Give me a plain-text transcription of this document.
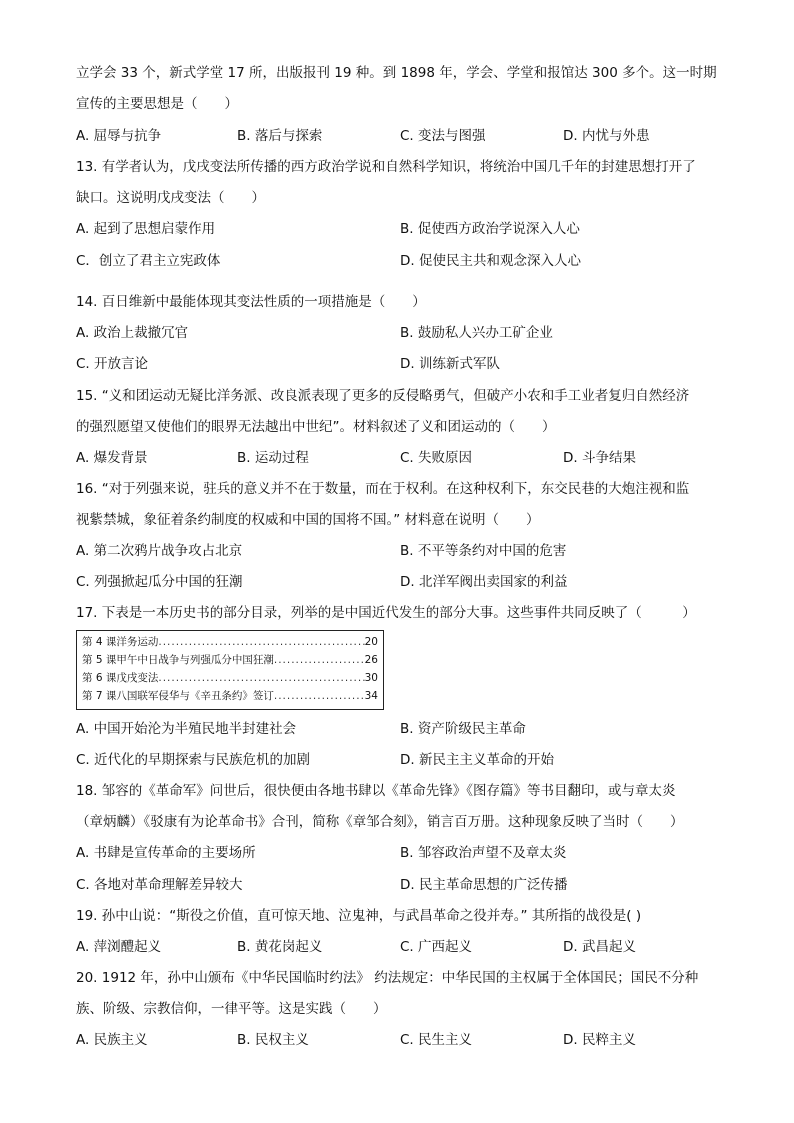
立学会 33 个，新式学堂 17 所，出版报刊 19 种。到 1898 年，学会、学堂和报馆达 300 多个。这一时期
宣传的主要思想是（　　）
A. 屈辱与抗争	B. 落后与探索	C. 变法与图强	D. 内忧与外患
13. 有学者认为，戊戌变法所传播的西方政治学说和自然科学知识，将统治中国几千年的封建思想打开了
缺口。这说明戊戌变法（　　）
A. 起到了思想启蒙作用	B. 促使西方政治学说深入人心
C．创立了君主立宪政体	D. 促使民主共和观念深入人心
14. 百日维新中最能体现其变法性质的一项措施是（　　）
A. 政治上裁撤冗官	B. 鼓励私人兴办工矿企业
C. 开放言论	D. 训练新式军队
15. “义和团运动无疑比洋务派、改良派表现了更多的反侵略勇气，但破产小农和手工业者复归自然经济
的强烈愿望又使他们的眼界无法越出中世纪”。材料叙述了义和团运动的（　　）
A. 爆发背景	B. 运动过程	C. 失败原因	D. 斗争结果
16. “对于列强来说，驻兵的意义并不在于数量，而在于权利。在这种权利下，东交民巷的大炮注视和监
视紫禁城，象征着条约制度的权威和中国的国将不国。” 材料意在说明（　　）
A. 第二次鸦片战争攻占北京	B. 不平等条约对中国的危害
C. 列强掀起瓜分中国的狂潮	D. 北洋军阀出卖国家的利益
17. 下表是一本历史书的部分目录，列举的是中国近代发生的部分大事。这些事件共同反映了（　　　）
第 4 课洋务运动 .....	20
第 5 课甲午中日战争与列强瓜分中国狂潮 .....	26
第 6 课戊戌变法 .....	30
第 7 课八国联军侵华与《辛丑条约》签订 .....	34
A. 中国开始沦为半殖民地半封建社会	B. 资产阶级民主革命
C. 近代化的早期探索与民族危机的加剧	D. 新民主主义革命的开始
18. 邹容的《革命军》问世后，很快便由各地书肆以《革命先锋》《图存篇》等书目翻印，或与章太炎
（章炳麟）《驳康有为论革命书》合刊，简称《章邹合刻》，销言百万册。这种现象反映了当时（　　）
A. 书肆是宣传革命的主要场所	B. 邹容政治声望不及章太炎
C. 各地对革命理解差异较大	D. 民主革命思想的广泛传播
19. 孙中山说：“斯役之价值，直可惊天地、泣鬼神，与武昌革命之役并寿。” 其所指的战役是( )
A. 萍浏醴起义	B. 黄花岗起义	C. 广西起义	D. 武昌起义
20. 1912 年，孙中山颁布《中华民国临时约法》 约法规定：中华民国的主权属于全体国民；国民不分种
族、阶级、宗教信仰，一律平等。这是实践（　　）
A. 民族主义	B. 民权主义	C. 民生主义	D. 民粹主义
